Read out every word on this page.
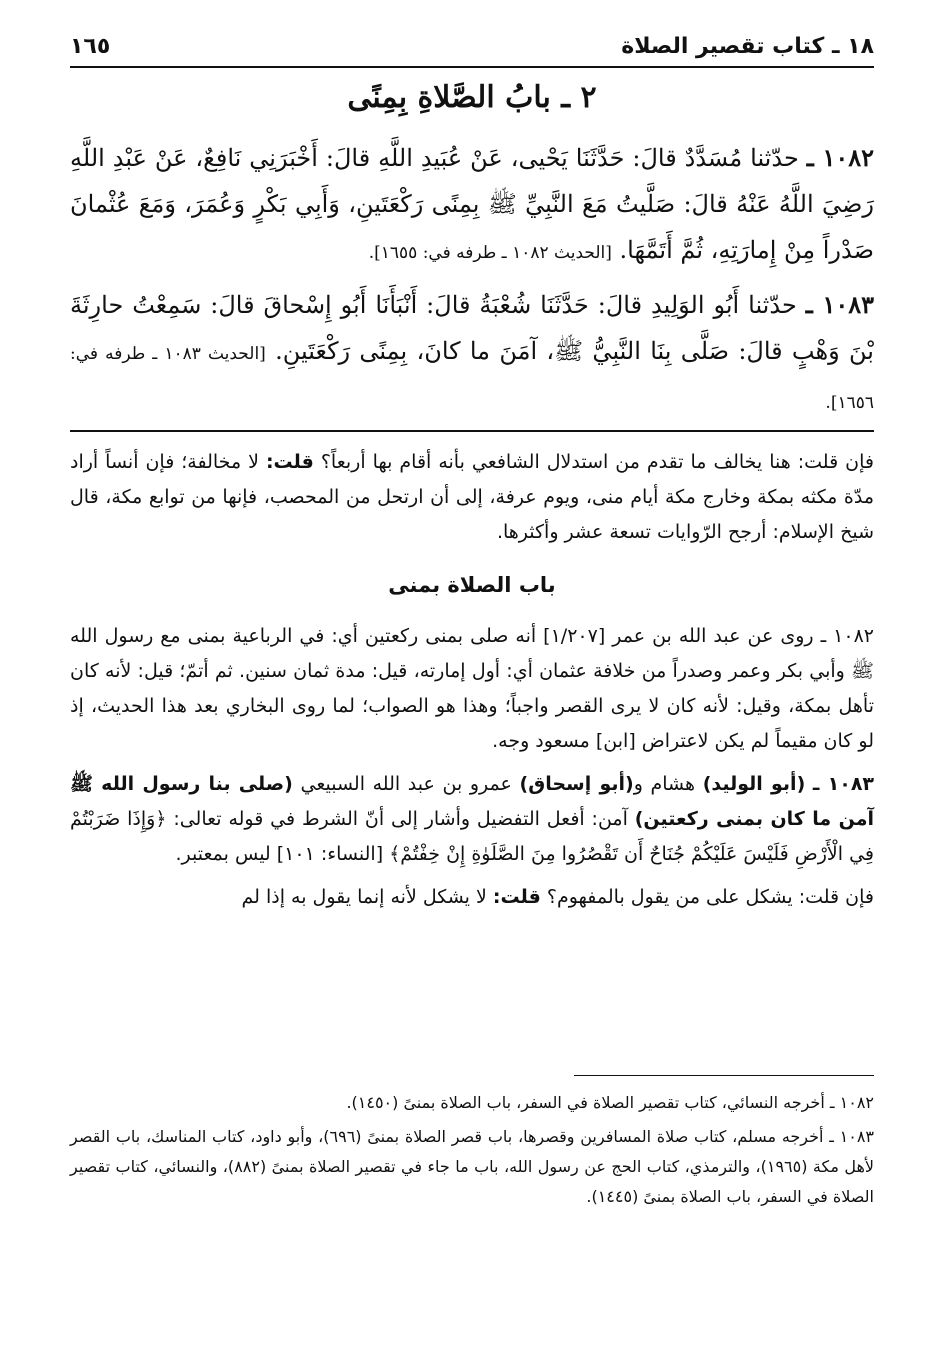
١٨ ـ كتاب تقصير الصلاة
١٦٥
٢ ـ بابُ الصَّلاةِ بِمِنًى

١٠٨٢ ـ حدّثنا مُسَدَّدٌ قالَ: حَدَّثَنَا يَحْيى، عَنْ عُبَيدِ اللَّهِ قالَ: أَخْبَرَنِي نَافِعٌ، عَنْ عَبْدِ اللَّهِ رَضِيَ اللَّهُ عَنْهُ قالَ: صَلَّيتُ مَعَ النَّبِيِّ ﷺ بِمِنًى رَكْعَتَينِ، وَأَبِي بَكْرٍ وَعُمَرَ، وَمَعَ عُثْمانَ صَدْراً مِنْ إِمارَتِهِ، ثُمَّ أَتَمَّهَا. [الحديث ١٠٨٢ ـ طرفه في: ١٦٥٥].

١٠٨٣ ـ حدّثنا أَبُو الوَلِيدِ قالَ: حَدَّثَنَا شُعْبَةُ قالَ: أَنْبَأَنَا أَبُو إِسْحاقَ قالَ: سَمِعْتُ حارِثَةَ بْنَ وَهْبٍ قالَ: صَلَّى بِنَا النَّبِيُّ ﷺ، آمَنَ ما كانَ، بِمِنًى رَكْعَتَينِ. [الحديث ١٠٨٣ ـ طرفه في: ١٦٥٦].

فإن قلت: هنا يخالف ما تقدم من استدلال الشافعي بأنه أقام بها أربعاً؟ قلت: لا مخالفة؛ فإن أنساً أراد مدّة مكثه بمكة وخارج مكة أيام منى، ويوم عرفة، إلى أن ارتحل من المحصب، فإنها من توابع مكة، قال شيخ الإسلام: أرجح الرّوايات تسعة عشر وأكثرها.

باب الصلاة بمنى

١٠٨٢ ـ روى عن عبد الله بن عمر [١/٢٠٧] أنه صلى بمنى ركعتين أي: في الرباعية بمنى مع رسول الله ﷺ وأبي بكر وعمر وصدراً من خلافة عثمان أي: أول إمارته، قيل: مدة ثمان سنين. ثم أتمّ؛ قيل: لأنه كان تأهل بمكة، وقيل: لأنه كان لا يرى القصر واجباً؛ وهذا هو الصواب؛ لما روى البخاري بعد هذا الحديث، إذ لو كان مقيماً لم يكن لاعتراض [ابن] مسعود وجه.

١٠٨٣ ـ (أبو الوليد) هشام و(أبو إسحاق) عمرو بن عبد الله السبيعي (صلى بنا رسول الله ﷺ آمن ما كان بمنى ركعتين) آمن: أفعل التفضيل وأشار إلى أنّ الشرط في قوله تعالى: ﴿وَإِذَا ضَرَبْتُمْ فِي الْأَرْضِ فَلَيْسَ عَلَيْكُمْ جُنَاحٌ أَن تَقْصُرُوا مِنَ الصَّلَوٰةِ إِنْ خِفْتُمْ﴾ [النساء: ١٠١] ليس بمعتبر.

فإن قلت: يشكل على من يقول بالمفهوم؟ قلت: لا يشكل لأنه إنما يقول به إذا لم

١٠٨٢ ـ أخرجه النسائي، كتاب تقصير الصلاة في السفر، باب الصلاة بمنىً (١٤٥٠).

١٠٨٣ ـ أخرجه مسلم، كتاب صلاة المسافرين وقصرها، باب قصر الصلاة بمنىً (٦٩٦)، وأبو داود، كتاب المناسك، باب القصر لأهل مكة (١٩٦٥)، والترمذي، كتاب الحج عن رسول الله، باب ما جاء في تقصير الصلاة بمنىً (٨٨٢)، والنسائي، كتاب تقصير الصلاة في السفر، باب الصلاة بمنىً (١٤٤٥).
